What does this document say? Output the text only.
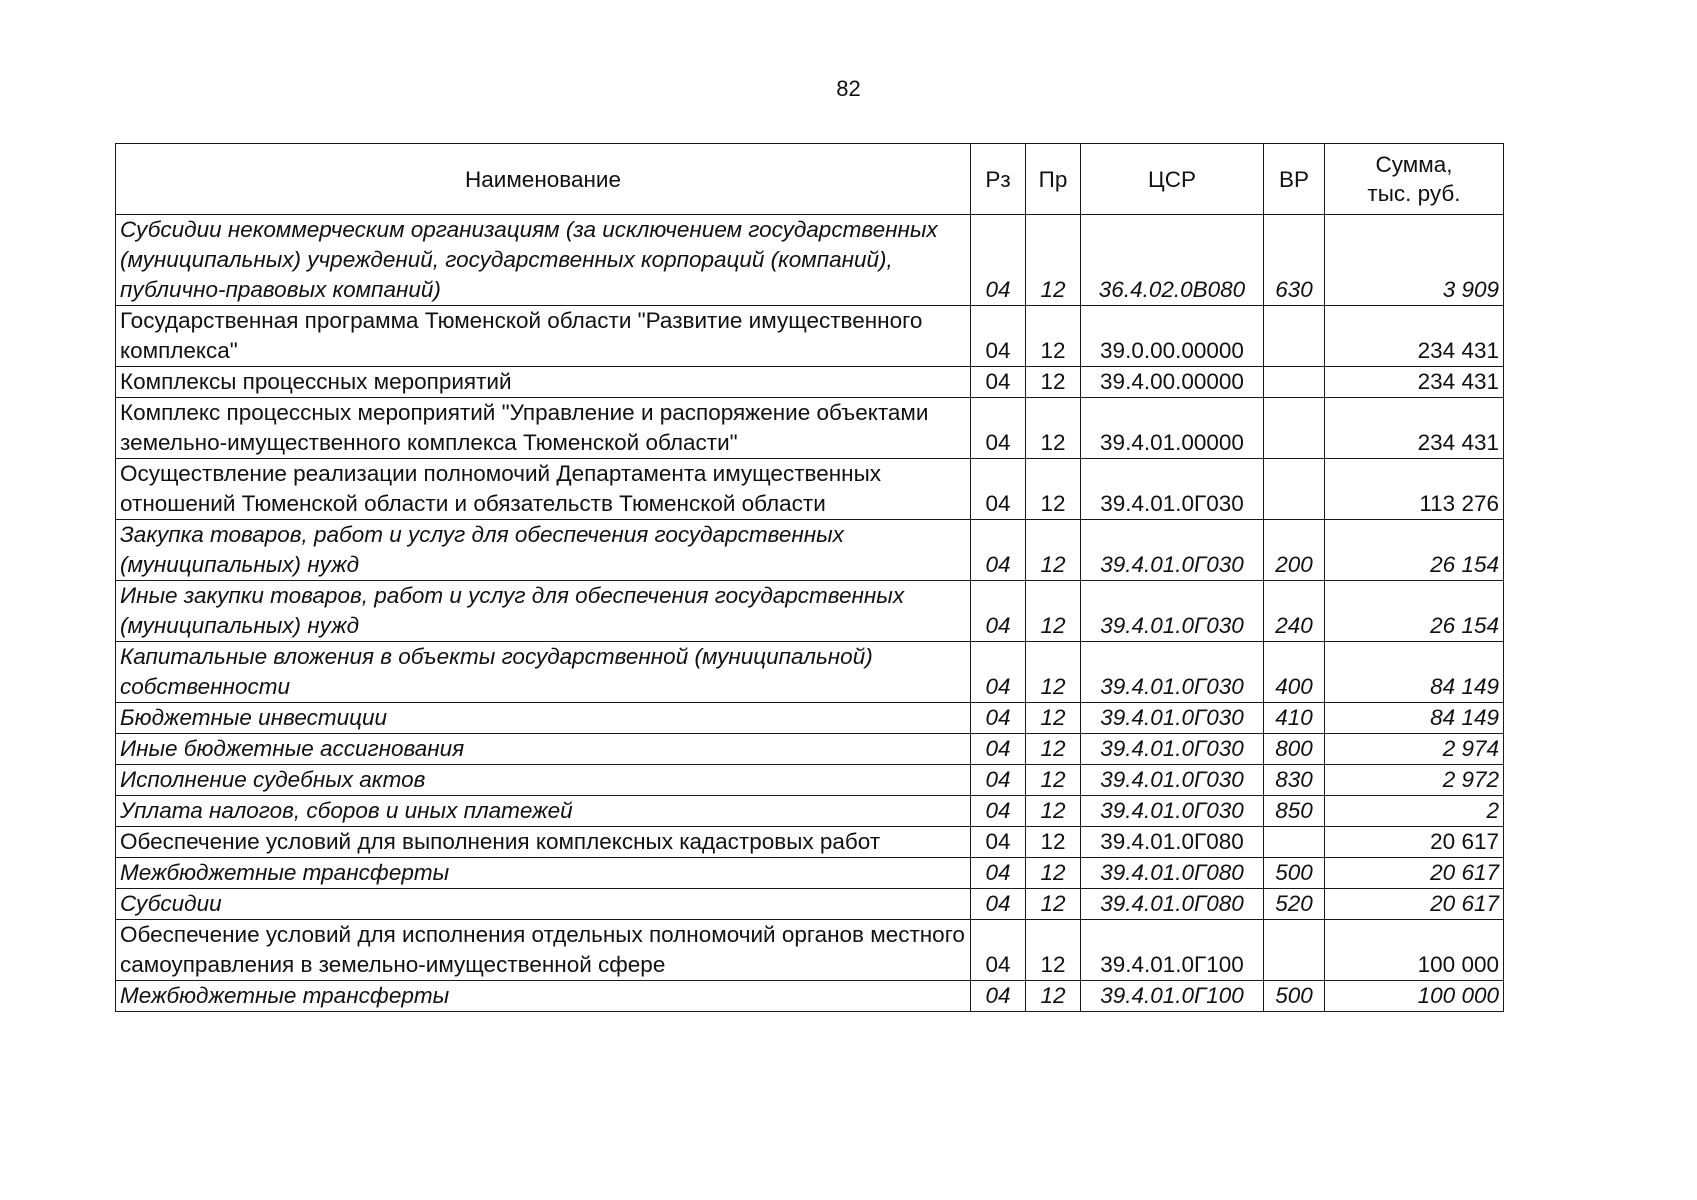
82
Наименование	Рз	Пр	ЦСР	ВР	Сумма,
тыс. руб.
Субсидии некоммерческим организациям (за исключением государственных (муниципальных) учреждений, государственных корпораций (компаний), публично-правовых компаний)	04	12	36.4.02.0В080	630	3 909
Государственная программа Тюменской области "Развитие имущественного комплекса"	04	12	39.0.00.00000		234 431
Комплексы процессных мероприятий	04	12	39.4.00.00000		234 431
Комплекс процессных мероприятий "Управление и распоряжение объектами земельно-имущественного комплекса Тюменской области"	04	12	39.4.01.00000		234 431
Осуществление реализации полномочий Департамента имущественных отношений Тюменской области и обязательств Тюменской области	04	12	39.4.01.0Г030		113 276
Закупка товаров, работ и услуг для обеспечения государственных (муниципальных) нужд	04	12	39.4.01.0Г030	200	26 154
Иные закупки товаров, работ и услуг для обеспечения государственных (муниципальных) нужд	04	12	39.4.01.0Г030	240	26 154
Капитальные вложения в объекты государственной (муниципальной) собственности	04	12	39.4.01.0Г030	400	84 149
Бюджетные инвестиции	04	12	39.4.01.0Г030	410	84 149
Иные бюджетные ассигнования	04	12	39.4.01.0Г030	800	2 974
Исполнение судебных актов	04	12	39.4.01.0Г030	830	2 972
Уплата налогов, сборов и иных платежей	04	12	39.4.01.0Г030	850	2
Обеспечение условий для выполнения комплексных кадастровых работ	04	12	39.4.01.0Г080		20 617
Межбюджетные трансферты	04	12	39.4.01.0Г080	500	20 617
Субсидии	04	12	39.4.01.0Г080	520	20 617
Обеспечение условий для исполнения отдельных полномочий органов местного самоуправления в земельно-имущественной сфере	04	12	39.4.01.0Г100		100 000
Межбюджетные трансферты	04	12	39.4.01.0Г100	500	100 000
